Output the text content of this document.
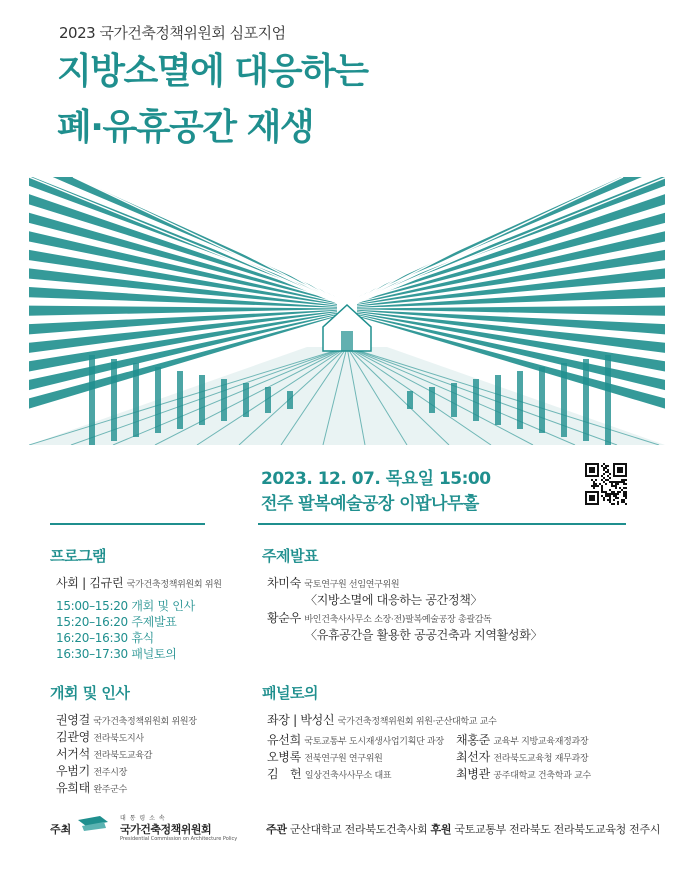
2023 국가건축정책위원회 심포지엄
지방소멸에 대응하는
폐·유휴공간 재생
2023. 12. 07. 목요일 15:00
전주 팔복예술공장 이팝나무홀
프로그램
사회 | 김규린 국가건축정책위원회 위원
15:00–15:20 개회 및 인사
15:20–16:20 주제발표
16:20–16:30 휴식
16:30–17:30 패널토의
개회 및 인사
권영걸 국가건축정책위원회 위원장
김관영 전라북도지사
서거석 전라북도교육감
우범기 전주시장
유희태 완주군수
주제발표
차미숙 국토연구원 선임연구위원
〈지방소멸에 대응하는 공간정책〉
황순우 바인건축사사무소 소장·전)팔복예술공장 총괄감독
〈유휴공간을 활용한 공공건축과 지역활성화〉
패널토의
좌장 | 박성신 국가건축정책위원회 위원·군산대학교 교수
유선희 국토교통부 도시재생사업기획단 과장
오병록 전북연구원 연구위원
김　헌 일상건축사사무소 대표
채홍준 교육부 지방교육재정과장
최선자 전라북도교육청 재무과장
최병관 공주대학교 건축학과 교수
주최
대 통 령 소 속
국가건축정책위원회
Presidential Commission on Architecture Policy
주관 군산대학교 전라북도건축사회 후원 국토교통부 전라북도 전라북도교육청 전주시
